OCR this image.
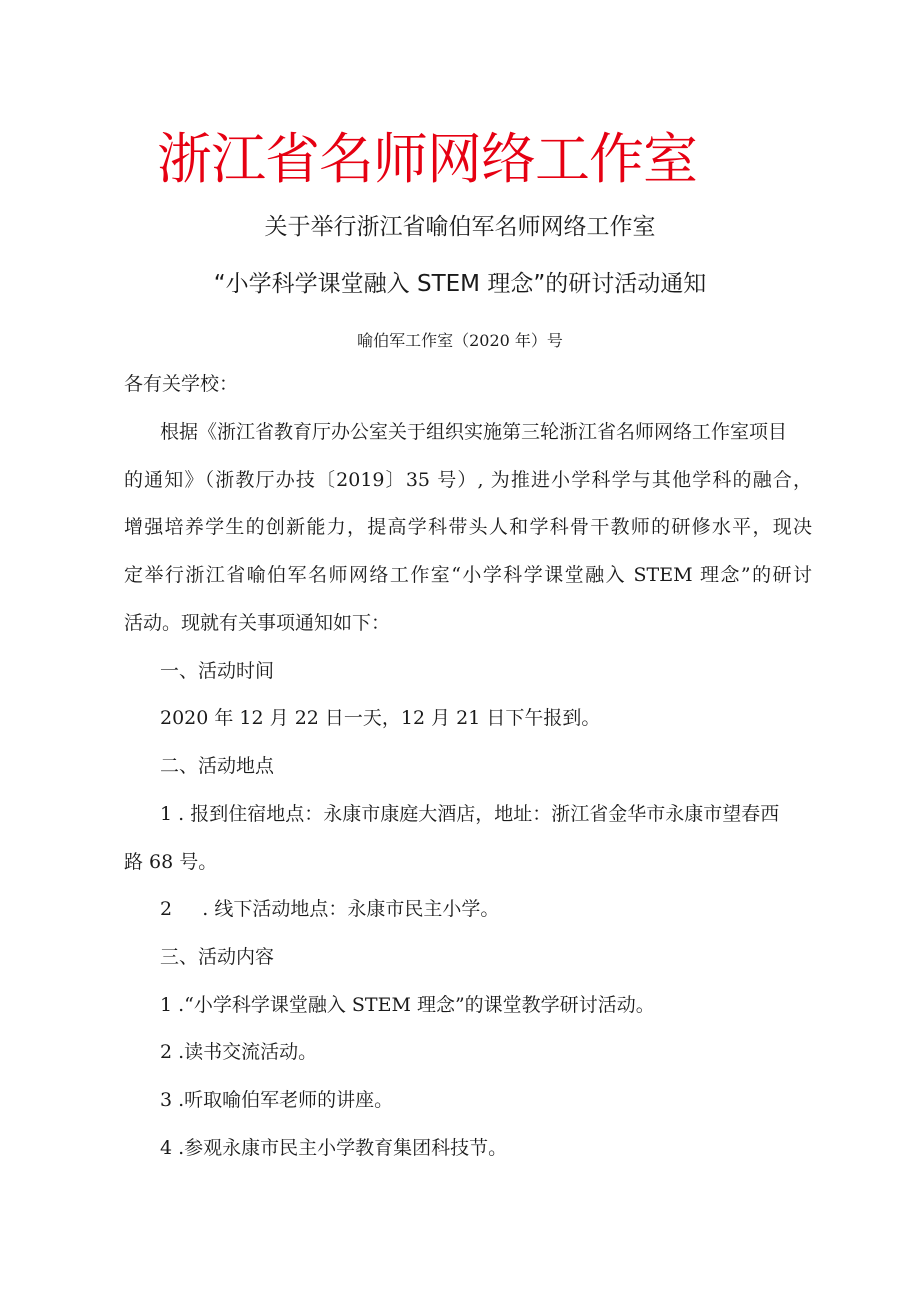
浙江省名师网络工作室
关于举行浙江省喻伯军名师网络工作室
“小学科学课堂融入 STEM 理念”的研讨活动通知
喻伯军工作室（2020 年）号
各有关学校：
根据《浙江省教育厅办公室关于组织实施第三轮浙江省名师网络工作室项目
的通知》（浙教厅办技〔2019〕35 号）, 为推进小学科学与其他学科的融合，
增强培养学生的创新能力，提高学科带头人和学科骨干教师的研修水平，现决
定举行浙江省喻伯军名师网络工作室“小学科学课堂融入 STEM 理念”的研讨
活动。现就有关事项通知如下：
一、活动时间
2020 年 12 月 22 日一天，12 月 21 日下午报到。
二、活动地点
1 . 报到住宿地点：永康市康庭大酒店，地址：浙江省金华市永康市望春西
路 68 号。
2     . 线下活动地点：永康市民主小学。
三、活动内容
1 .“小学科学课堂融入 STEM 理念”的课堂教学研讨活动。
2 .读书交流活动。
3 .听取喻伯军老师的讲座。
4 .参观永康市民主小学教育集团科技节。
